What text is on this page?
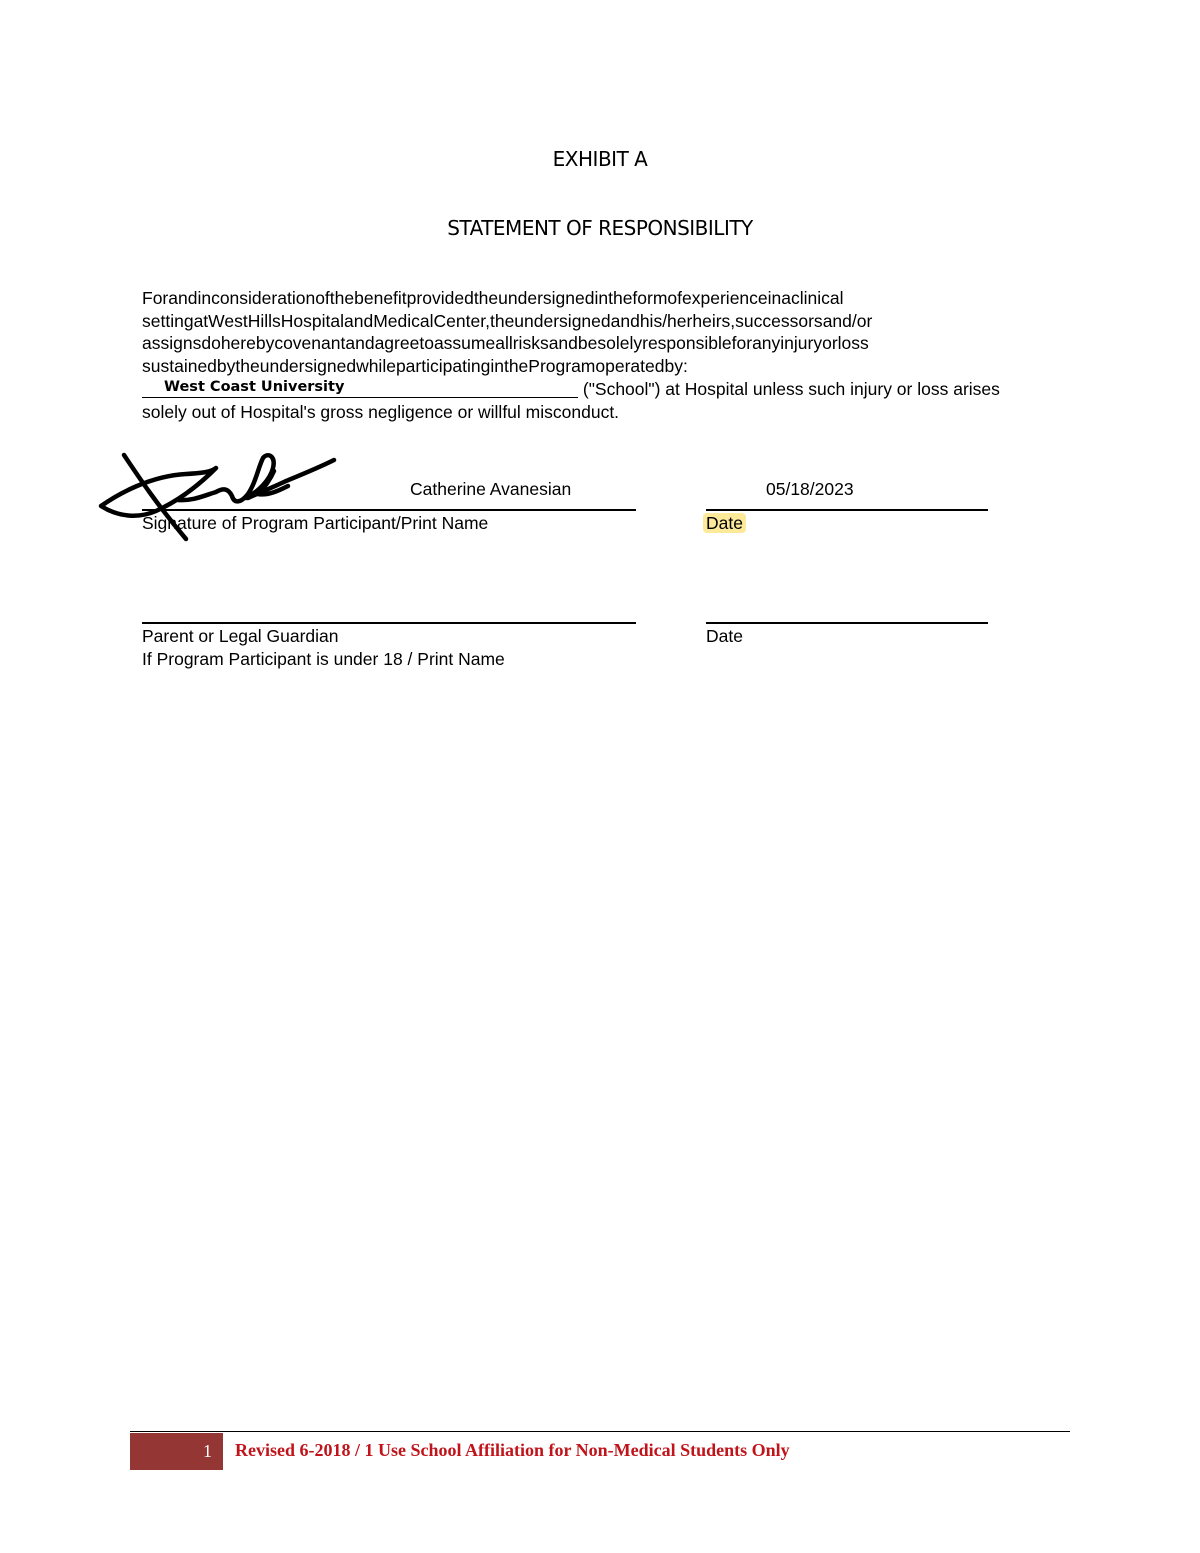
EXHIBIT A
STATEMENT OF RESPONSIBILITY
Forandinconsiderationofthebenefitprovidedtheundersignedintheformofexperienceinaclinical
settingatWestHillsHospitalandMedicalCenter,theundersignedandhis/herheirs,successorsand/or
assignsdoherebycovenantandagreetoassumeallrisksandbesolelyresponsibleforanyinjuryorloss
sustainedbytheundersignedwhileparticipatingintheProgramoperatedby:
West Coast University	("School") at Hospital unless such injury or loss arises
solely out of Hospital's gross negligence or willful misconduct.
Catherine Avanesian	05/18/2023
Signature of Program Participant/Print Name	Date
Parent or Legal Guardian	Date
If Program Participant is under 18 / Print Name
1 Revised 6-2018 / 1 Use School Affiliation for Non-Medical Students Only
